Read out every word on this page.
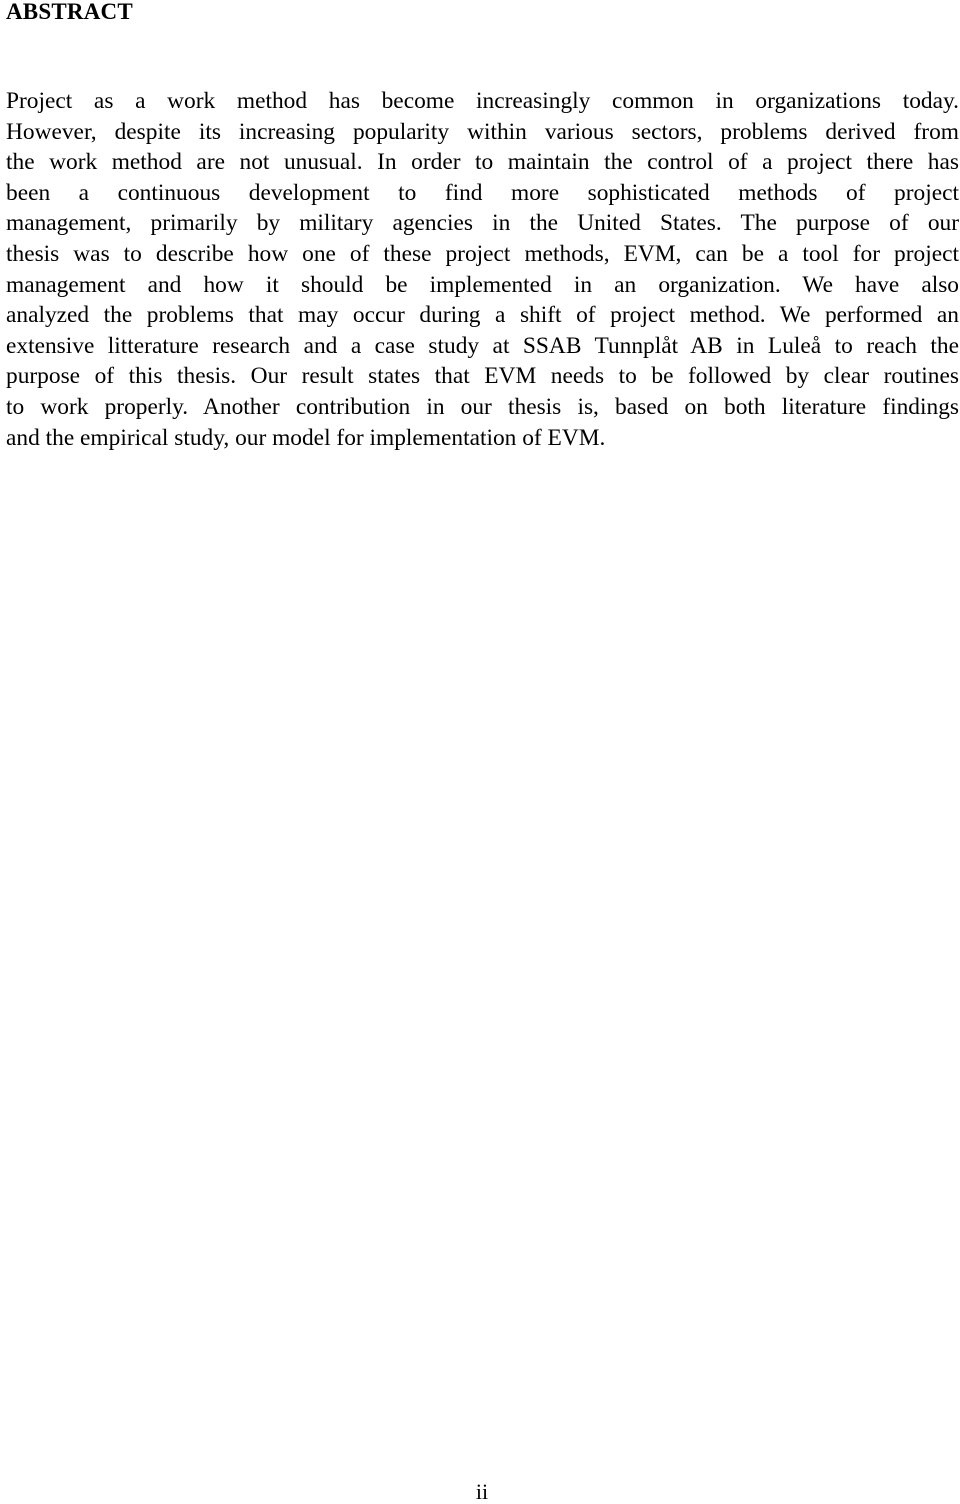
ABSTRACT
Project as a work method has become increasingly common in organizations today.
However, despite its increasing popularity within various sectors, problems derived from
the work method are not unusual. In order to maintain the control of a project there has
been a continuous development to find more sophisticated methods of project
management, primarily by military agencies in the United States. The purpose of our
thesis was to describe how one of these project methods, EVM, can be a tool for project
management and how it should be implemented in an organization. We have also
analyzed the problems that may occur during a shift of project method. We performed an
extensive litterature research and a case study at SSAB Tunnplåt AB in Luleå to reach the
purpose of this thesis. Our result states that EVM needs to be followed by clear routines
to work properly. Another contribution in our thesis is, based on both literature findings
and the empirical study, our model for implementation of EVM.

ii
